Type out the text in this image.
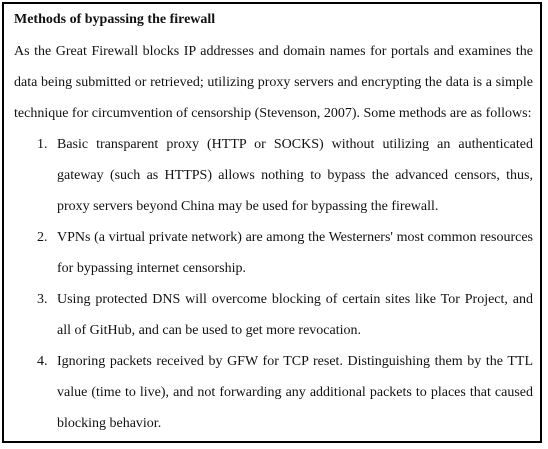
Methods of bypassing the firewall

As the Great Firewall blocks IP addresses and domain names for portals and examines the data being submitted or retrieved; utilizing proxy servers and encrypting the data is a simple technique for circumvention of censorship (Stevenson, 2007). Some methods are as follows:

1. Basic transparent proxy (HTTP or SOCKS) without utilizing an authenticated gateway (such as HTTPS) allows nothing to bypass the advanced censors, thus, proxy servers beyond China may be used for bypassing the firewall.
2. VPNs (a virtual private network) are among the Westerners' most common resources for bypassing internet censorship.
3. Using protected DNS will overcome blocking of certain sites like Tor Project, and all of GitHub, and can be used to get more revocation.
4. Ignoring packets received by GFW for TCP reset. Distinguishing them by the TTL value (time to live), and not forwarding any additional packets to places that caused blocking behavior.
